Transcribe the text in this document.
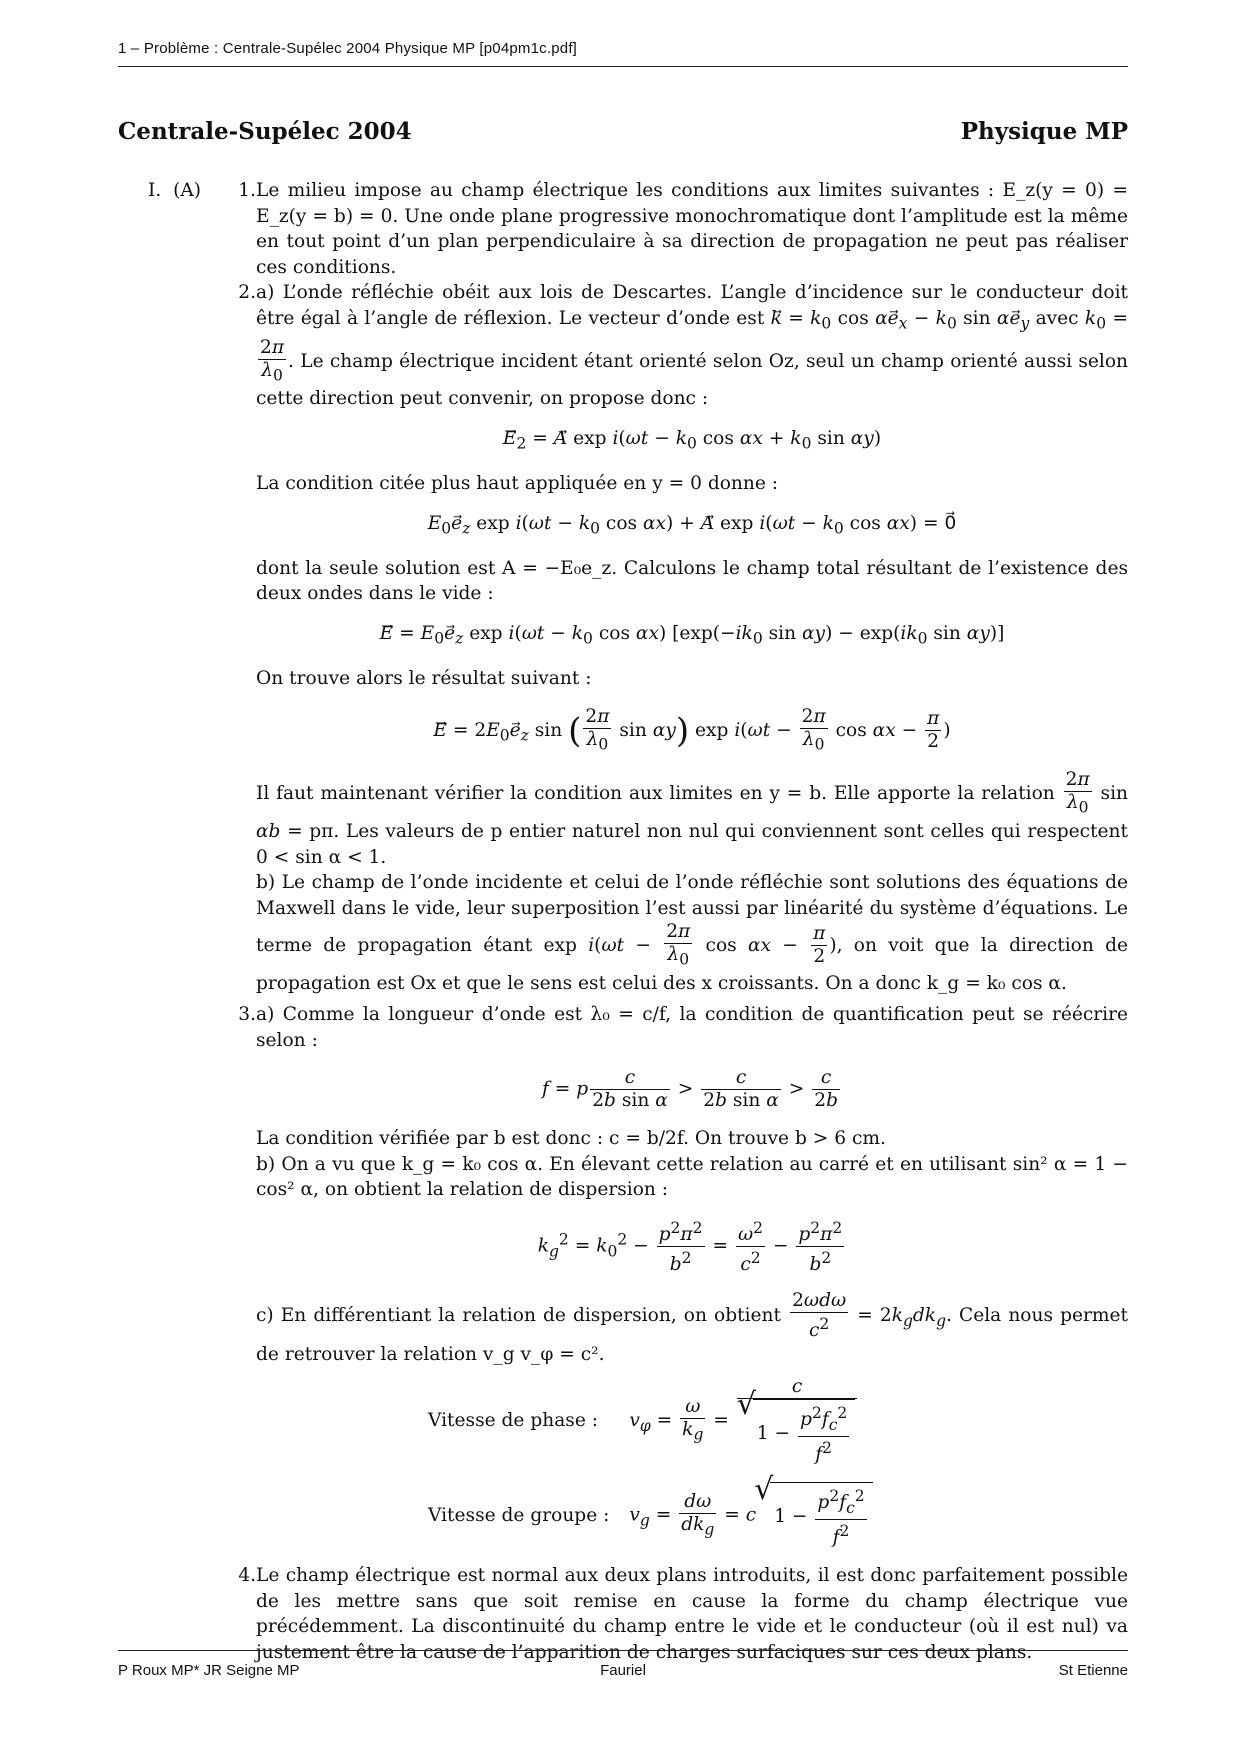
1 – Problème : Centrale-Supélec 2004 Physique MP [p04pm1c.pdf]
Centrale-Supélec 2004	Physique MP
I. (A)	1. Le milieu impose au champ électrique les conditions aux limites suivantes : E_z(y = 0) = E_z(y = b) = 0. Une onde plane progressive monochromatique dont l’amplitude est la même en tout point d’un plan perpendiculaire à sa direction de propagation ne peut pas réaliser ces conditions.
2. a) L’onde réfléchie obéit aux lois de Descartes. L’angle d’incidence sur le conducteur doit être égal à l’angle de réflexion. Le vecteur d’onde est k⃗ = $k_0$ $\cos \alpha e_x - k_0$ $\sin \alpha e_y$ avec $k_0$ =
$\frac{2\pi}{\lambda_0}$ . Le champ électrique incident étant orienté selon Oz, seul un champ orienté aussi selon cette direction peut convenir, on propose donc :
$E_2$ = A⃗ $\exp i(\omega t - k_0$ $\cos \alpha x + k_0$ sin αy)
La condition citée plus haut appliquée en y = 0 donne :
$E_0e_z$ $\exp i(\omega t - k_0$ cos αx) + A⃗ $\exp i(\omega t - k_0$ cos αx) = 0⃗
dont la seule solution est A = −E₀e_z. Calculons le champ total résultant de l’existence des deux ondes dans le vide :
E⃗ = $E_0e_z$ $\exp i(\omega t - k_0$ cos αx) [$\exp(-ik_0$ $\sin \alpha y) - \exp(ik_0$ sin αy)]
On trouve alors le résultat suivant :
E⃗ = $2E_0e_z$ sin ( $\frac{2\pi}{\lambda_0}$ sin αy) $\exp i(\omega t - \frac{2\pi}{\lambda_0}$ $\cos \alpha x - \frac{\pi}{2}$ )
Il faut maintenant vérifier la condition aux limites en y = b. Elle apporte la relation $\frac{2\pi}{\lambda_0}$ sin αb = pπ. Les valeurs de p entier naturel non nul qui conviennent sont celles qui respectent 0 < sin α < 1.
b) Le champ de l’onde incidente et celui de l’onde réfléchie sont solutions des équations de Maxwell dans le vide, leur superposition l’est aussi par linéarité du système d’équations. Le terme de propagation étant $\exp i(\omega t - \frac{2\pi}{\lambda_0}$ $\cos \alpha x - \frac{\pi}{2}$ ), on voit que la direction de propagation est Ox et que le sens est celui des x croissants. On a donc k_g = k₀ cos α.
3. a) Comme la longueur d’onde est λ₀ = c/f, la condition de quantification peut se réécrire selon :
f = p $\frac{c}{\text{2b sin α}} > \frac{c}{\text{2b sin α}} > \frac{c}{2b}$
La condition vérifiée par b est donc : c = b/2f. On trouve b > 6 cm.
b) On a vu que k_g = k₀ cos α. En élevant cette relation au carré et en utilisant sin² α = 1 − cos² α, on obtient la relation de dispersion :
$k_g^2 = k_0^2 - \frac{p^2\pi^2}{b^2} = \frac{\omega^2}{c^2} - \frac{p^2\pi^2}{b^2}$
c) En différentiant la relation de dispersion, on obtient $\frac{\text{2ωdω}}{c^2} = 2k_gdk_g$. Cela nous permet de retrouver la relation v_g v_φ = c².
Vitesse de phase :	$v_\varphi = \frac{\omega}{k_g} = c$
√ $1 - \frac{p^2f_c^2}{f^2}$

Vitesse de groupe :	$v_g = \frac{d\omega}{dk_g} = c√$ $1 - \frac{p^2f_c^2}{f^2}$
4. Le champ électrique est normal aux deux plans introduits, il est donc parfaitement possible de les mettre sans que soit remise en cause la forme du champ électrique vue précédemment. La discontinuité du champ entre le vide et le conducteur (où il est nul) va justement être la cause de l’apparition de charges surfaciques sur ces deux plans.
P Roux MP* JR Seigne MP	Fauriel	St Etienne
